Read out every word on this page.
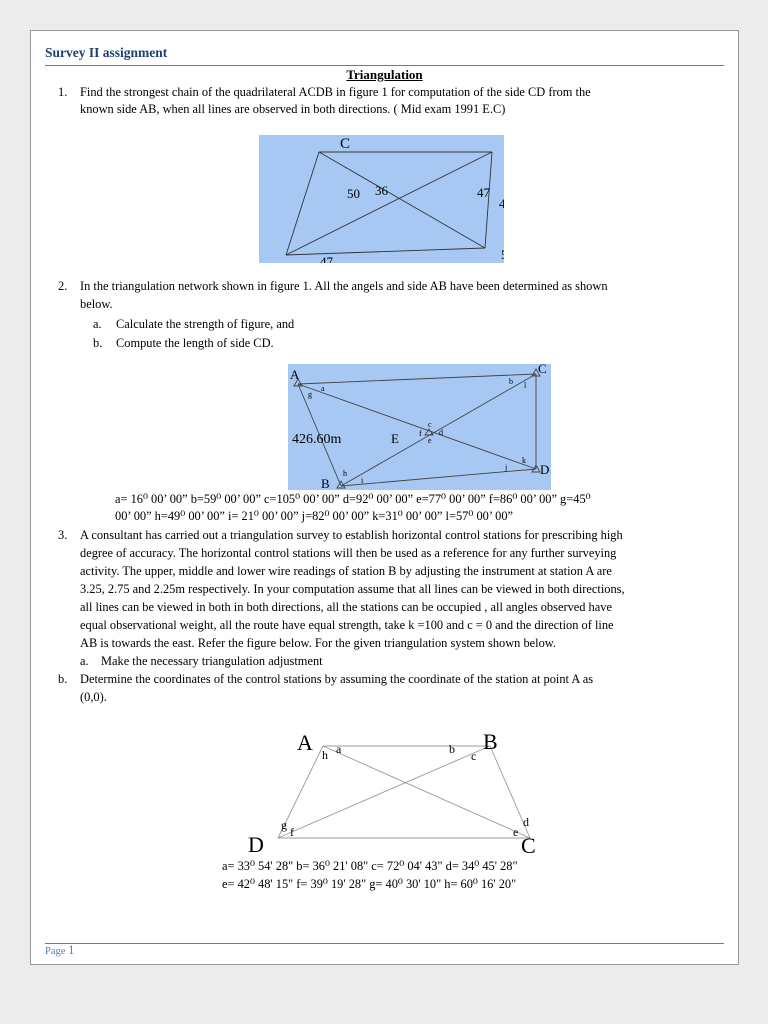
Survey II assignment
Triangulation
1. Find the strongest chain of the quadrilateral ACDB in figure 1 for computation of the side CD from the
known side AB, when all lines are observed in both directions. ( Mid exam 1991 E.C)
C
50 36	47
4
47
2. In the triangulation network shown in figure 1. All the angels and side AB have been determined as shown
below.
a. Calculate the strength of figure, and
b. Compute the length of side CD.
A	C
B
D
E
426.60m
a
g
b l
c
f d
e
h
i
j
k
a= 16⁰ 00’ 00” b=59⁰ 00’ 00” c=105⁰ 00’ 00” d=92⁰ 00’ 00” e=77⁰ 00’ 00” f=86⁰ 00’ 00” g=45⁰
00’ 00” h=49⁰ 00’ 00” i= 21⁰ 00’ 00” j=82⁰ 00’ 00” k=31⁰ 00’ 00” l=57⁰ 00’ 00”
3. A consultant has carried out a triangulation survey to establish horizontal control stations for prescribing high
degree of accuracy. The horizontal control stations will then be used as a reference for any further surveying
activity. The upper, middle and lower wire readings of station B by adjusting the instrument at station A are
3.25, 2.75 and 2.25m respectively. In your computation assume that all lines can be viewed in both directions,
all lines can be viewed in both in both directions, all the stations can be occupied , all angles observed have
equal observational weight, all the route have equal strength, take k =100 and c = 0 and the direction of line
AB is towards the east. Refer the figure below. For the given triangulation system shown below.
a. Make the necessary triangulation adjustment
b. Determine the coordinates of the control stations by assuming the coordinate of the station at point A as
(0,0).
A	B
D	C
a
h	b c
g f
d
e
a= 33⁰ 54' 28" b= 36⁰ 21' 08" c= 72⁰ 04' 43" d= 34⁰ 45' 28"
e= 42⁰ 48' 15" f= 39⁰ 19' 28" g= 40⁰ 30' 10" h= 60⁰ 16' 20"
Page 1
